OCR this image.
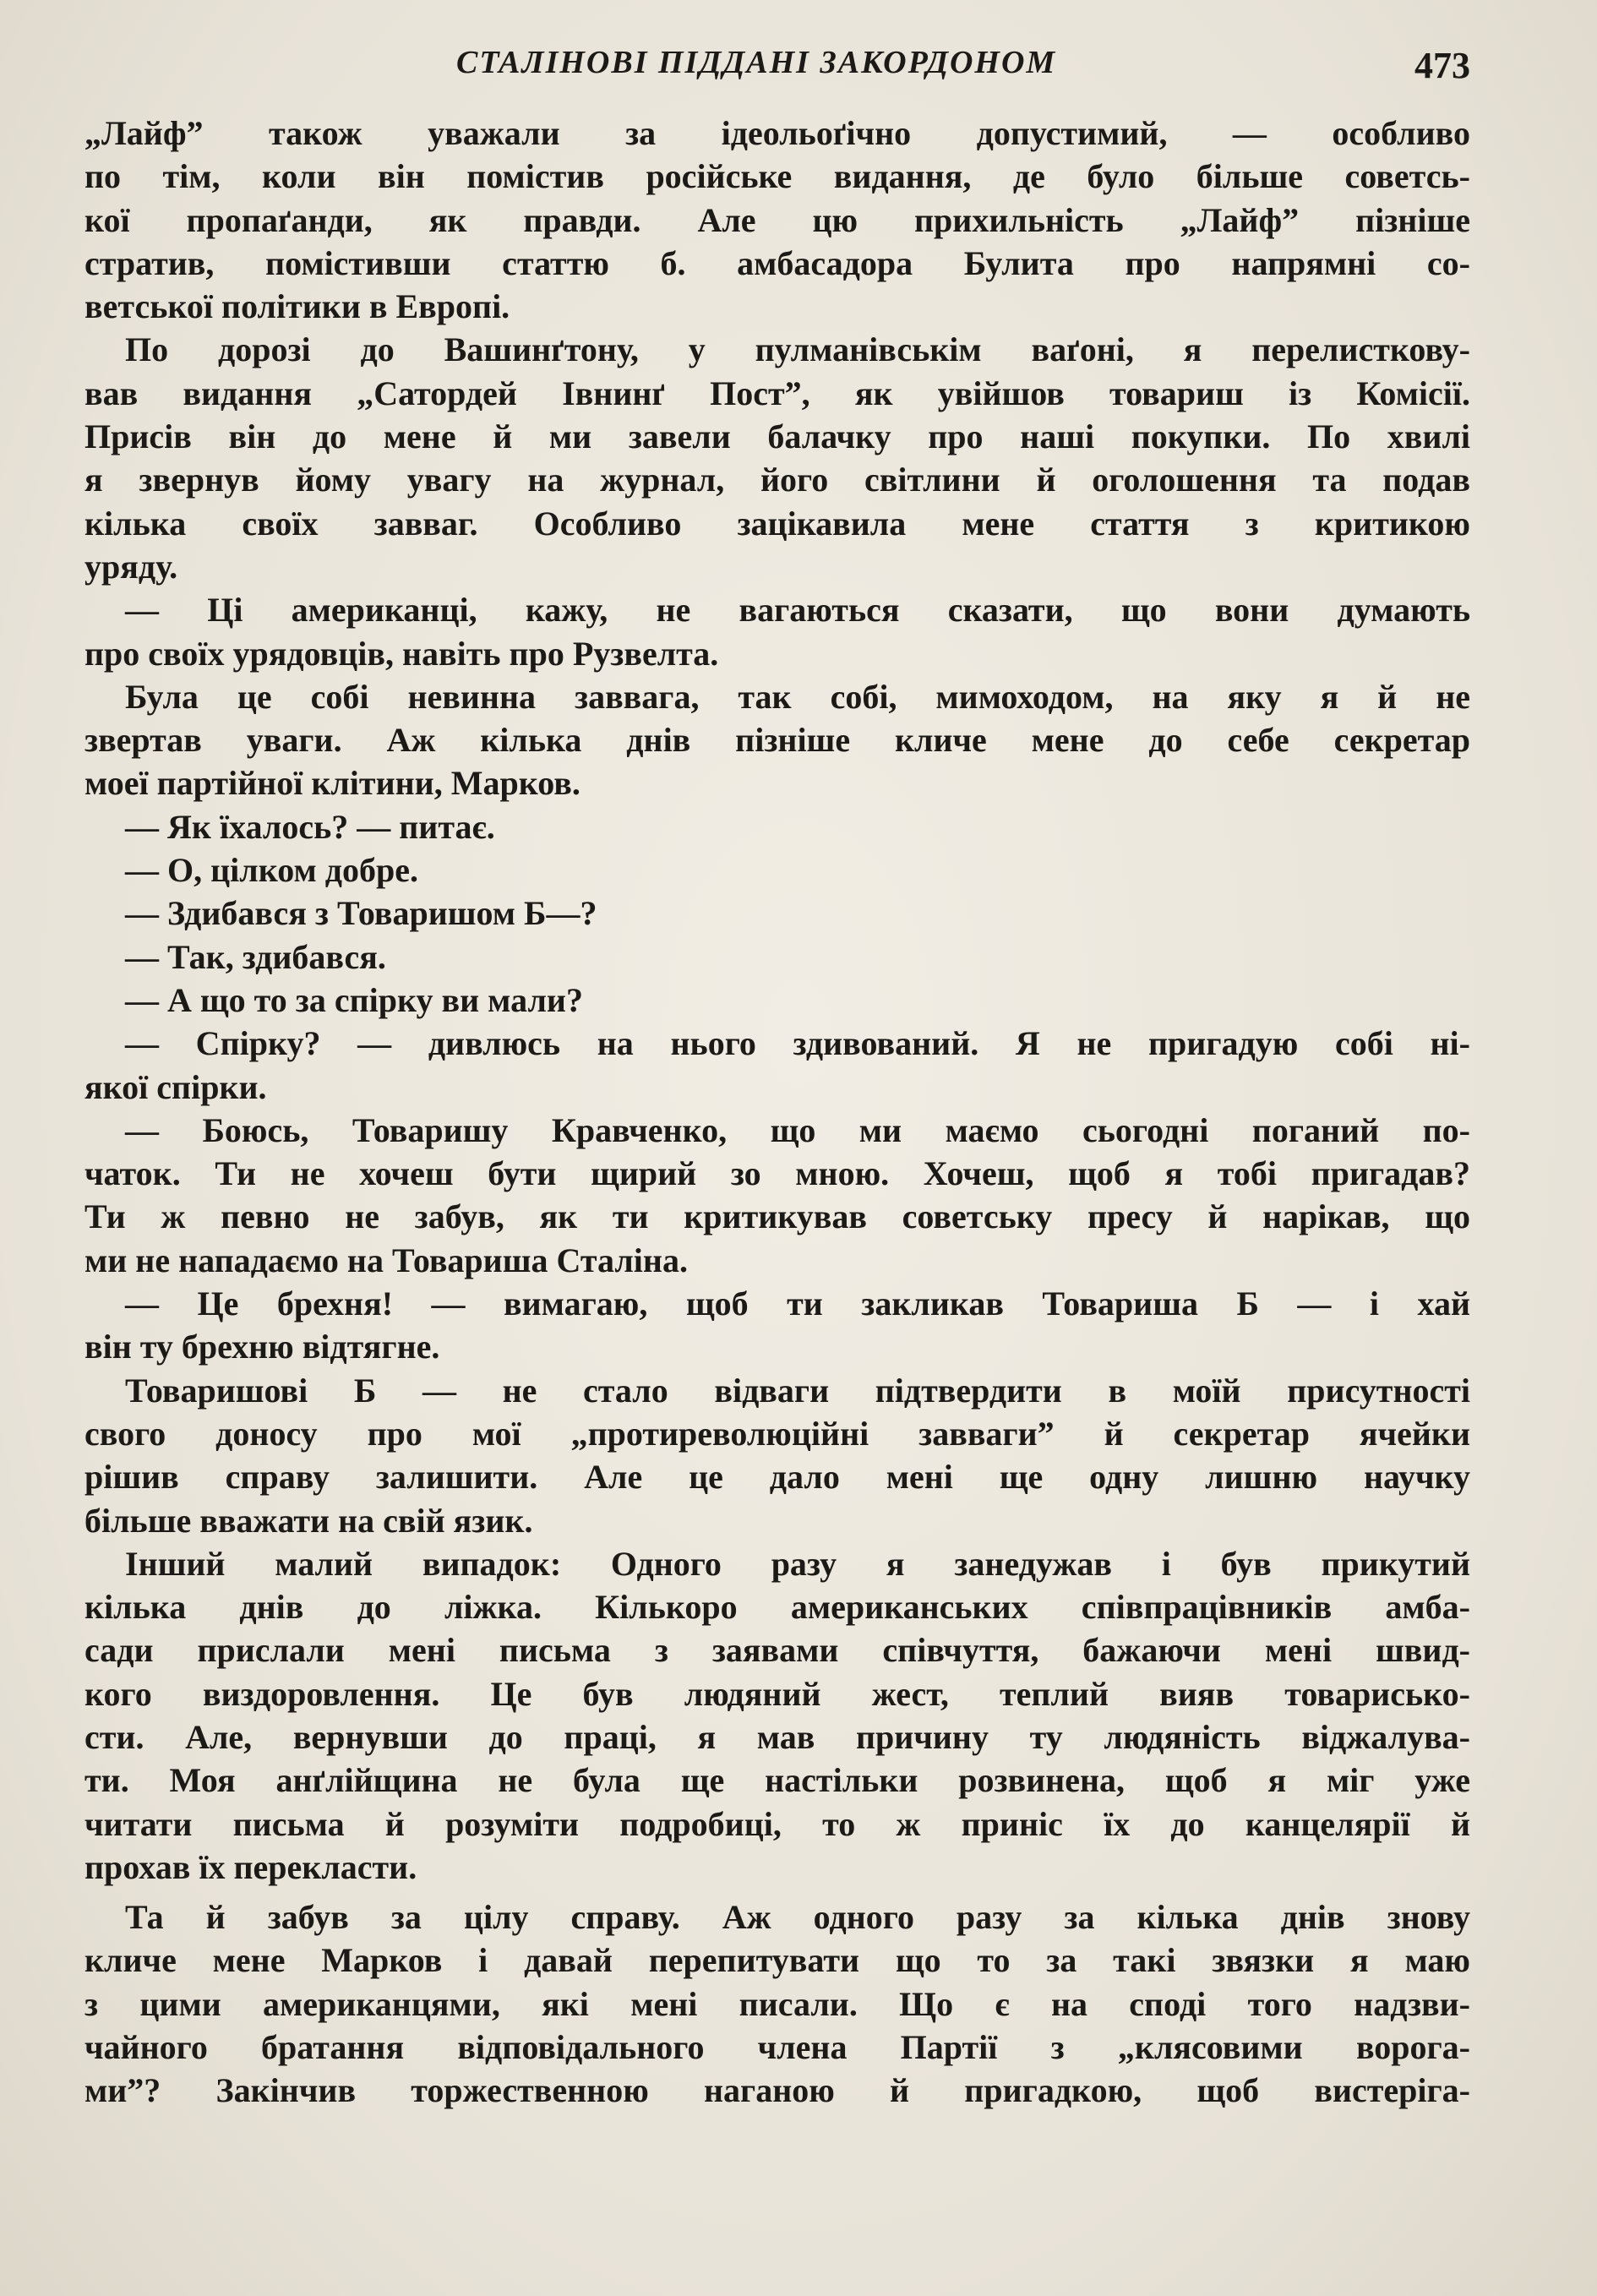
СТАЛІНОВІ ПІДДАНІ ЗАКОРДОНОМ	473
„Лайф” також уважали за ідеольоґічно допустимий, — особливо
по тім, коли він помістив російське видання, де було більше советсь-
кої пропаґанди, як правди. Але цю прихильність „Лайф” пізніше
стратив, помістивши статтю б. амбасадора Булита про напрямні со-
ветської політики в Европі.
По дорозі до Вашинґтону, у пулманівськім ваґоні, я перелисткову-
вав видання „Сатордей Івнинґ Пост”, як увійшов товариш із Комісії.
Присів він до мене й ми завели балачку про наші покупки. По хвилі
я звернув йому увагу на журнал, його світлини й оголошення та подав
кілька своїх завваг. Особливо зацікавила мене стаття з критикою
уряду.
— Ці американці, кажу, не вагаються сказати, що вони думають
про своїх урядовців, навіть про Рузвелта.
Була це собі невинна заввага, так собі, мимоходом, на яку я й не
звертав уваги. Аж кілька днів пізніше кличе мене до себе секретар
моеї партійної клітини, Марков.
— Як їхалось? — питає.
— О, цілком добре.
— Здибався з Товаришом Б—?
— Так, здибався.
— А що то за спірку ви мали?
— Спірку? — дивлюсь на нього здивований. Я не пригадую собі ні-
якої спірки.
— Боюсь, Товаришу Кравченко, що ми маємо сьогодні поганий по-
чаток. Ти не хочеш бути щирий зо мною. Хочеш, щоб я тобі пригадав?
Ти ж певно не забув, як ти критикував советську пресу й нарікав, що
ми не нападаємо на Товариша Сталіна.
— Це брехня! — вимагаю, щоб ти закликав Товариша Б — і хай
він ту брехню відтягне.
Товаришові Б — не стало відваги підтвердити в моїй присутності
свого доносу про мої „протиреволюційні завваги” й секретар ячейки
рішив справу залишити. Але це дало мені ще одну лишню научку
більше вважати на свій язик.
Інший малий випадок: Одного разу я занедужав і був прикутий
кілька днів до ліжка. Кількоро американських співпрацівників амба-
сади прислали мені письма з заявами співчуття, бажаючи мені швид-
кого виздоровлення. Це був людяний жест, теплий вияв товарисько-
сти. Але, вернувши до праці, я мав причину ту людяність віджалува-
ти. Моя анґлійщина не була ще настільки розвинена, щоб я міг уже
читати письма й розуміти подробиці, то ж приніс їх до канцелярії й
прохав їх перекласти.
Та й забув за цілу справу. Аж одного разу за кілька днів знову
кличе мене Марков і давай перепитувати що то за такі звязки я маю
з цими американцями, які мені писали. Що є на споді того надзви-
чайного братання відповідального члена Партії з „клясовими ворога-
ми”? Закінчив торжественною наганою й пригадкою, щоб вистеріга-
